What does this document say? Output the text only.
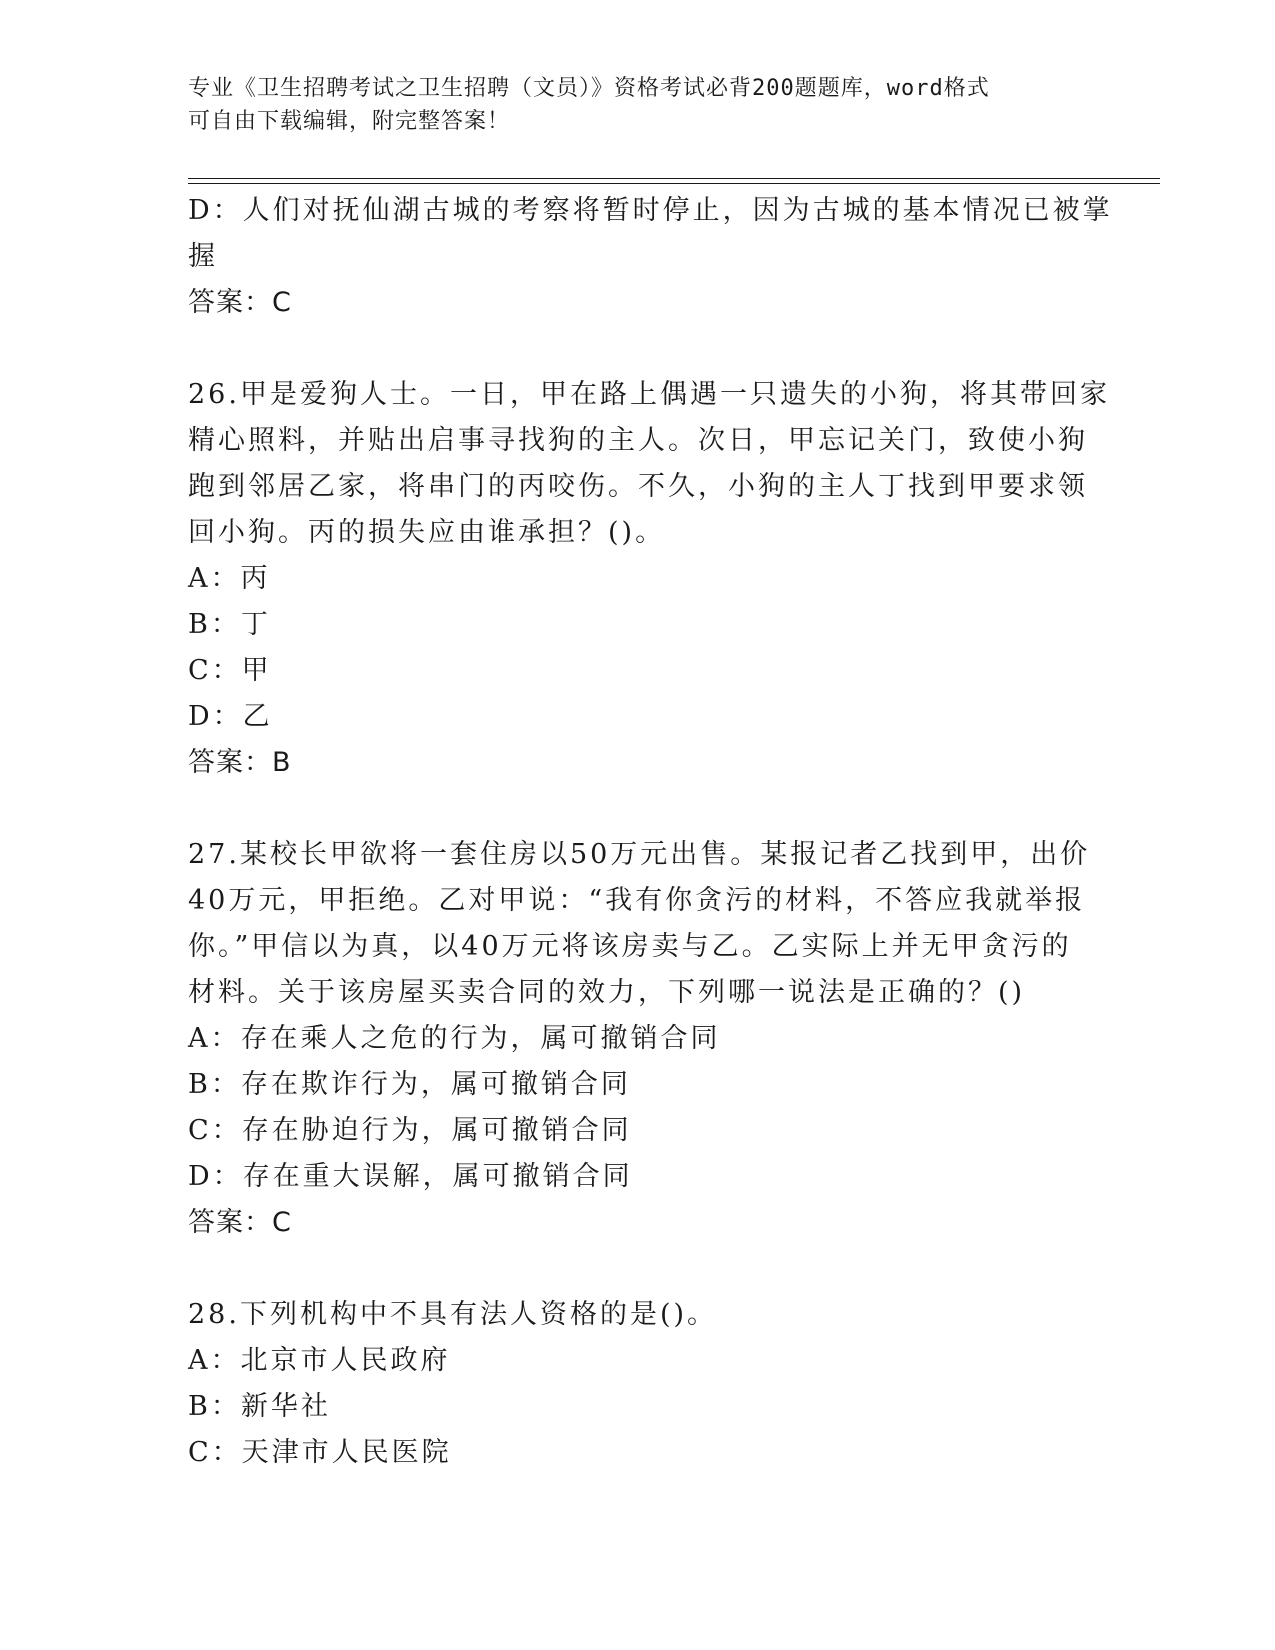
专业《卫生招聘考试之卫生招聘（文员）》资格考试必背200题题库，word格式
可自由下载编辑，附完整答案！
D：人们对抚仙湖古城的考察将暂时停止，因为古城的基本情况已被掌
握
答案：C
26.甲是爱狗人士。一日，甲在路上偶遇一只遗失的小狗，将其带回家
精心照料，并贴出启事寻找狗的主人。次日，甲忘记关门，致使小狗
跑到邻居乙家，将串门的丙咬伤。不久，小狗的主人丁找到甲要求领
回小狗。丙的损失应由谁承担？()。
A：丙
B：丁
C：甲
D：乙
答案：B
27.某校长甲欲将一套住房以50万元出售。某报记者乙找到甲，出价
40万元，甲拒绝。乙对甲说：“我有你贪污的材料，不答应我就举报
你。”甲信以为真，以40万元将该房卖与乙。乙实际上并无甲贪污的
材料。关于该房屋买卖合同的效力，下列哪一说法是正确的？()
A：存在乘人之危的行为，属可撤销合同
B：存在欺诈行为，属可撤销合同
C：存在胁迫行为，属可撤销合同
D：存在重大误解，属可撤销合同
答案：C
28.下列机构中不具有法人资格的是()。
A：北京市人民政府
B：新华社
C：天津市人民医院
